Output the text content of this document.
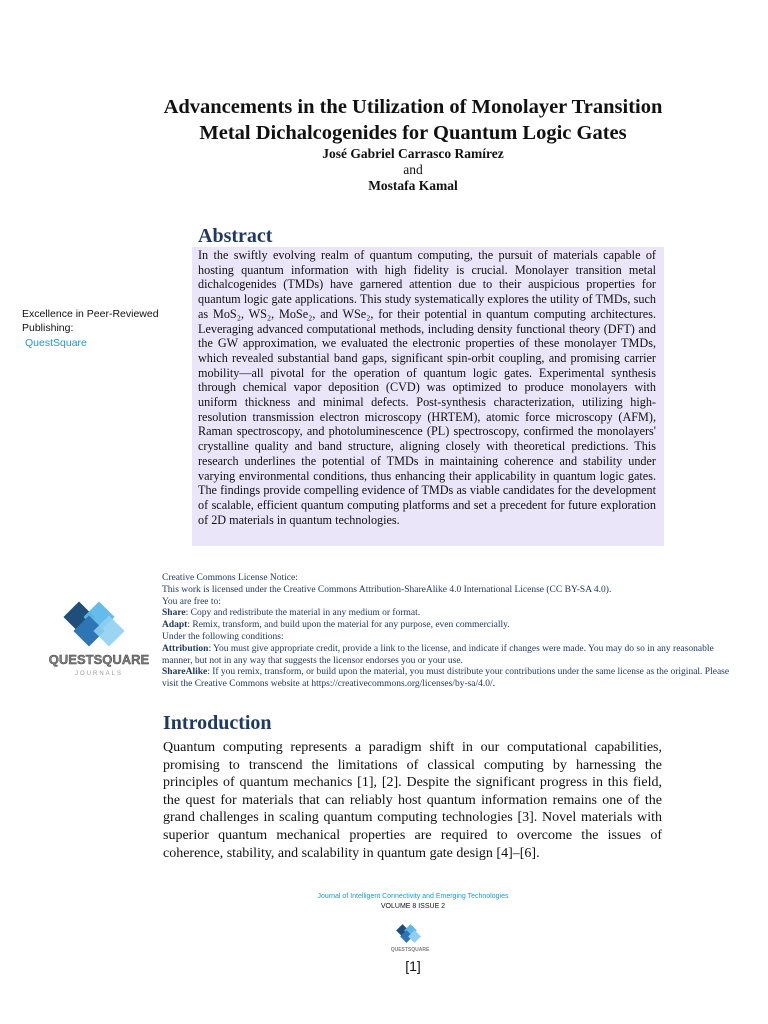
Advancements in the Utilization of Monolayer Transition Metal Dichalcogenides for Quantum Logic Gates
José Gabriel Carrasco Ramírez
and
Mostafa Kamal
Excellence in Peer-Reviewed Publishing:
QuestSquare
Abstract

In the swiftly evolving realm of quantum computing, the pursuit of materials capable of hosting quantum information with high fidelity is crucial. Monolayer transition metal dichalcogenides (TMDs) have garnered attention due to their auspicious properties for quantum logic gate applications. This study systematically explores the utility of TMDs, such as MoS₂, WS₂, MoSe₂, and WSe₂, for their potential in quantum computing architectures. Leveraging advanced computational methods, including density functional theory (DFT) and the GW approximation, we evaluated the electronic properties of these monolayer TMDs, which revealed substantial band gaps, significant spin-orbit coupling, and promising carrier mobility—all pivotal for the operation of quantum logic gates. Experimental synthesis through chemical vapor deposition (CVD) was optimized to produce monolayers with uniform thickness and minimal defects. Post-synthesis characterization, utilizing high-resolution transmission electron microscopy (HRTEM), atomic force microscopy (AFM), Raman spectroscopy, and photoluminescence (PL) spectroscopy, confirmed the monolayers' crystalline quality and band structure, aligning closely with theoretical predictions. This research underlines the potential of TMDs in maintaining coherence and stability under varying environmental conditions, thus enhancing their applicability in quantum logic gates. The findings provide compelling evidence of TMDs as viable candidates for the development of scalable, efficient quantum computing platforms and set a precedent for future exploration of 2D materials in quantum technologies.

QUESTSQUARE
JOURNALS

Creative Commons License Notice:

This work is licensed under the Creative Commons Attribution-ShareAlike 4.0 International License (CC BY-SA 4.0).

You are free to:

Share: Copy and redistribute the material in any medium or format.

Adapt: Remix, transform, and build upon the material for any purpose, even commercially.

Under the following conditions:

Attribution: You must give appropriate credit, provide a link to the license, and indicate if changes were made. You may do so in any reasonable manner, but not in any way that suggests the licensor endorses you or your use.

ShareAlike: If you remix, transform, or build upon the material, you must distribute your contributions under the same license as the original. Please visit the Creative Commons website at https://creativecommons.org/licenses/by-sa/4.0/.

Introduction

Quantum computing represents a paradigm shift in our computational capabilities, promising to transcend the limitations of classical computing by harnessing the principles of quantum mechanics [1], [2]. Despite the significant progress in this field, the quest for materials that can reliably host quantum information remains one of the grand challenges in scaling quantum computing technologies [3]. Novel materials with superior quantum mechanical properties are required to overcome the issues of coherence, stability, and scalability in quantum gate design [4]–[6].

Journal of Intelligent Connectivity and Emerging Technologies
VOLUME 8 ISSUE 2
QUESTSQUARE
[1]
